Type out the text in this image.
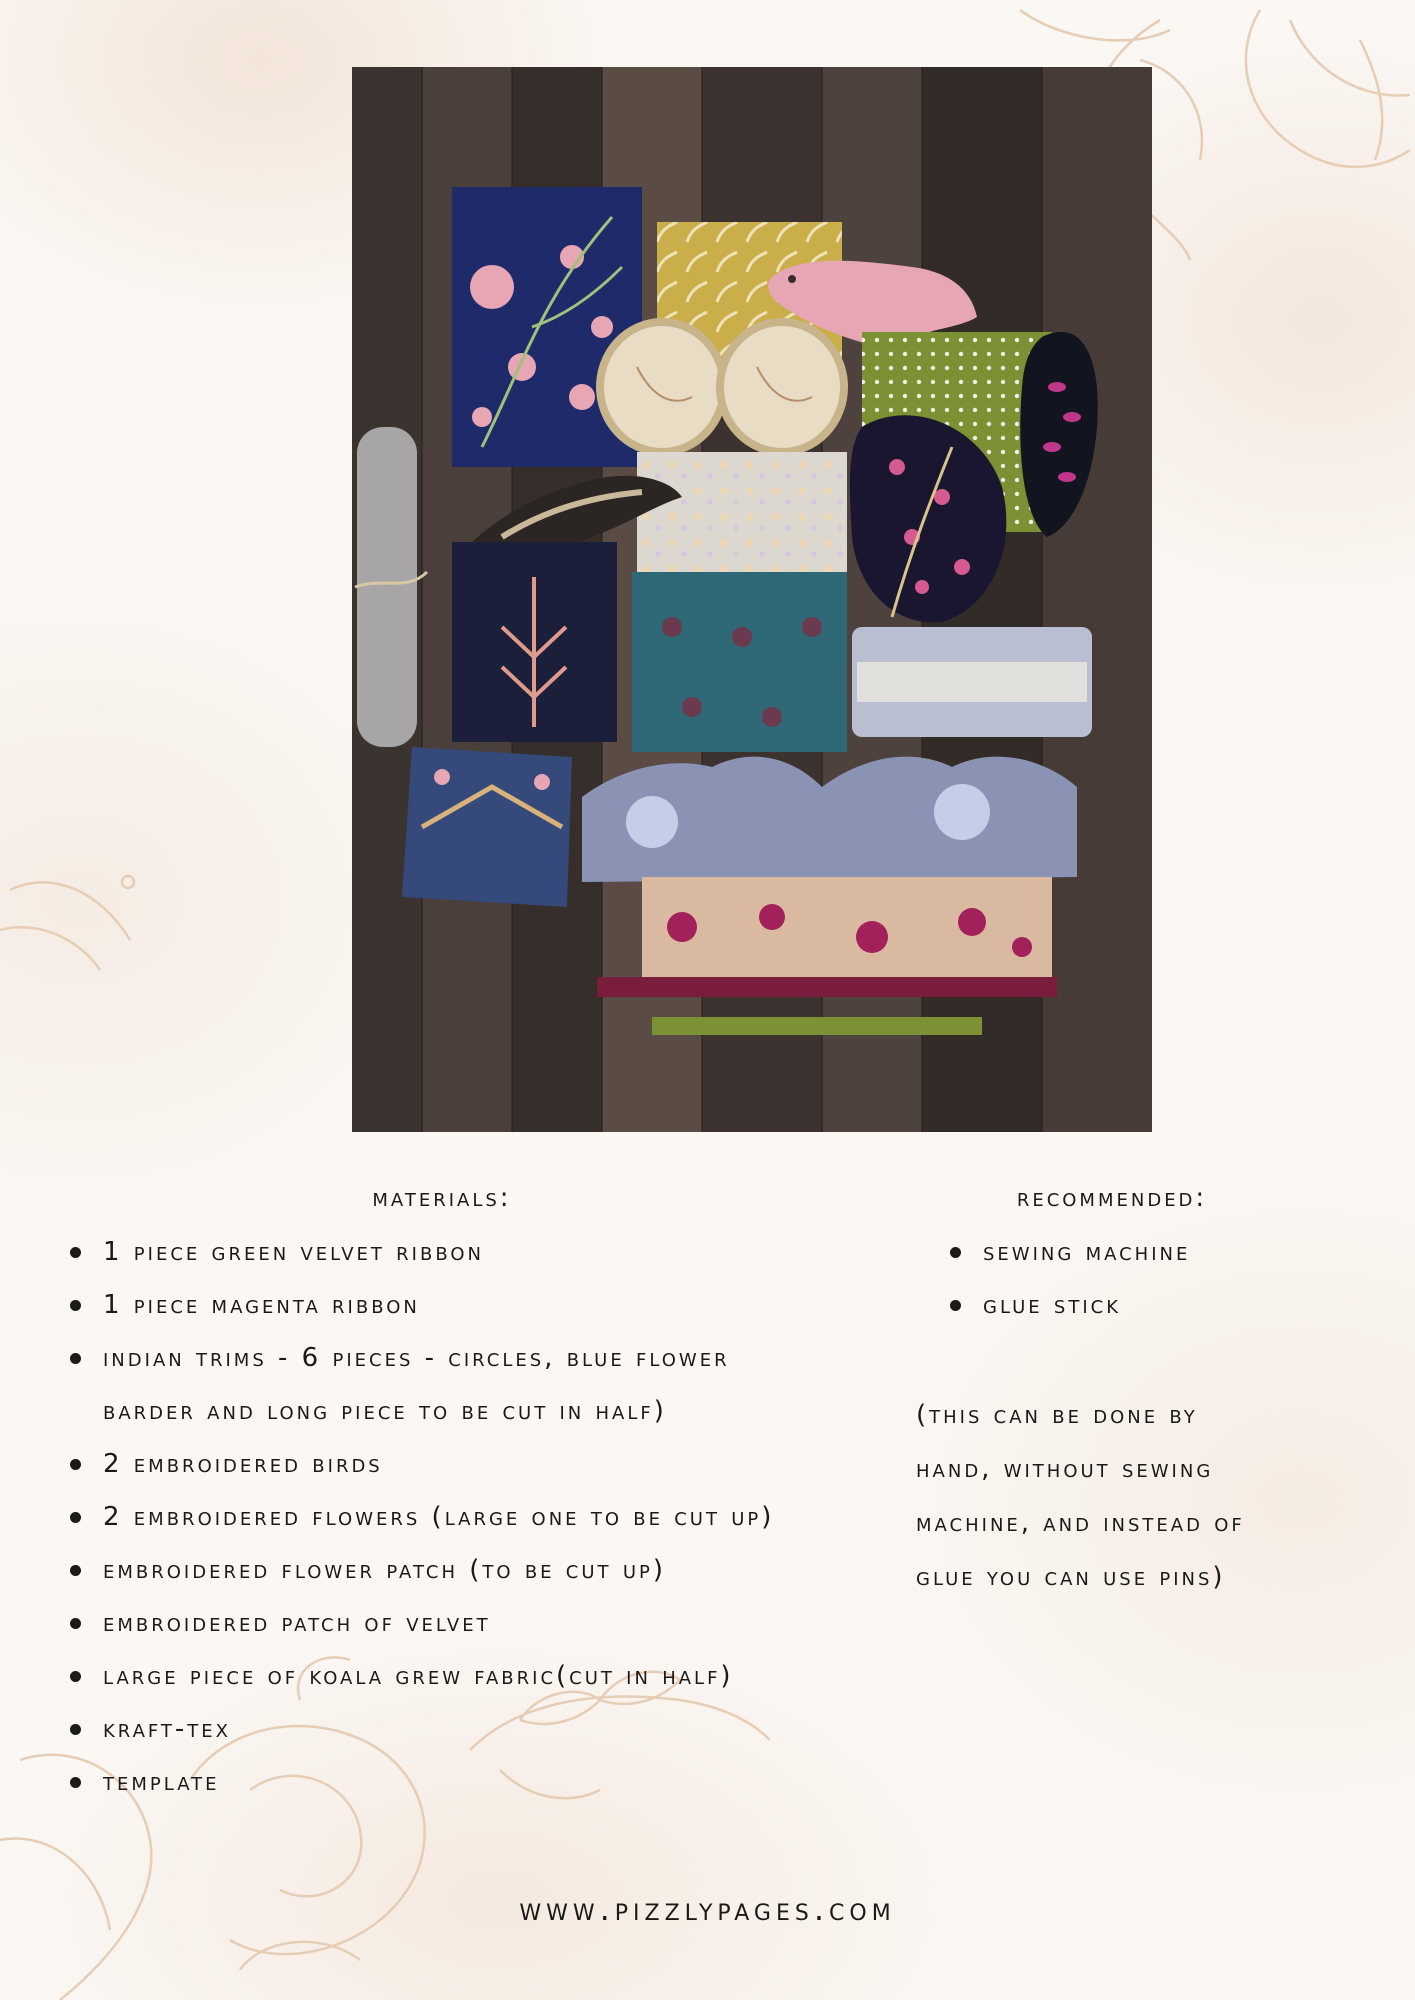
materials:
1 piece green velvet ribbon
1 piece magenta ribbon
indian trims - 6 pieces - circles, blue flower
barder and long piece to be cut in half)
2 embroidered birds
2 embroidered flowers (large one to be cut up)
embroidered flower patch (to be cut up)
embroidered patch of velvet
large piece of koala grew fabric(cut in half)
kraft-tex
template
recommended:
sewing machine
glue stick
(this can be done by
hand, without sewing
machine, and instead of
glue you can use pins)
www.pizzlypages.com
